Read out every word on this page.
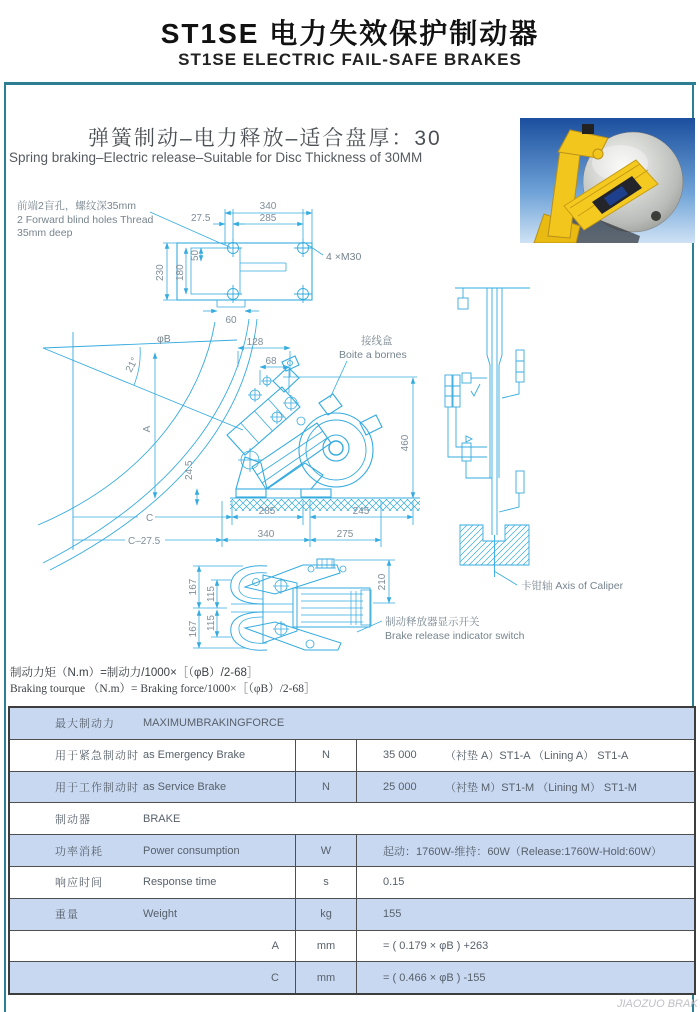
ST1SE 电力失效保护制动器
ST1SE ELECTRIC FAIL-SAFE BRAKES
弹簧制动–电力释放–适合盘厚：30
Spring braking–Electric release–Suitable for Disc Thickness of 30MM
前端2盲孔，螺纹深35mm
2 Forward blind holes Thread
35mm deep
340
285
27.5
230 180
50
60
4 ×M30
φB
21°
128
68
A
24.5
460
285	245
340	275
C
C–27.5
接线盒
Boite a bornes
卡钳轴 Axis of Caliper
167 115
167 115
210
制动释放器显示开关
Brake release indicator switch
制动力矩（N.m）=制动力/1000×［（φB）/2-68］
Braking tourque （N.m）= Braking force/1000×［（φB）/2-68］
最大制动力	MAXIMUMBRAKINGFORCE
用于紧急制动时 as Emergency Brake	N	35 000	（衬垫 A）ST1-A （Lining A） ST1-A
用于工作制动时 as Service Brake	N	25 000	（衬垫 M）ST1-M （Lining M） ST1-M
制动器	BRAKE
功率消耗	Power consumption	W	起动：1760W-维持：60W（Release:1760W-Hold:60W）
响应时间	Response time	s	0.15
重量	Weight	kg	155
A	mm	= ( 0.179 × φB ) +263
C	mm	= ( 0.466 × φB ) -155
JIAOZUO BRAK
